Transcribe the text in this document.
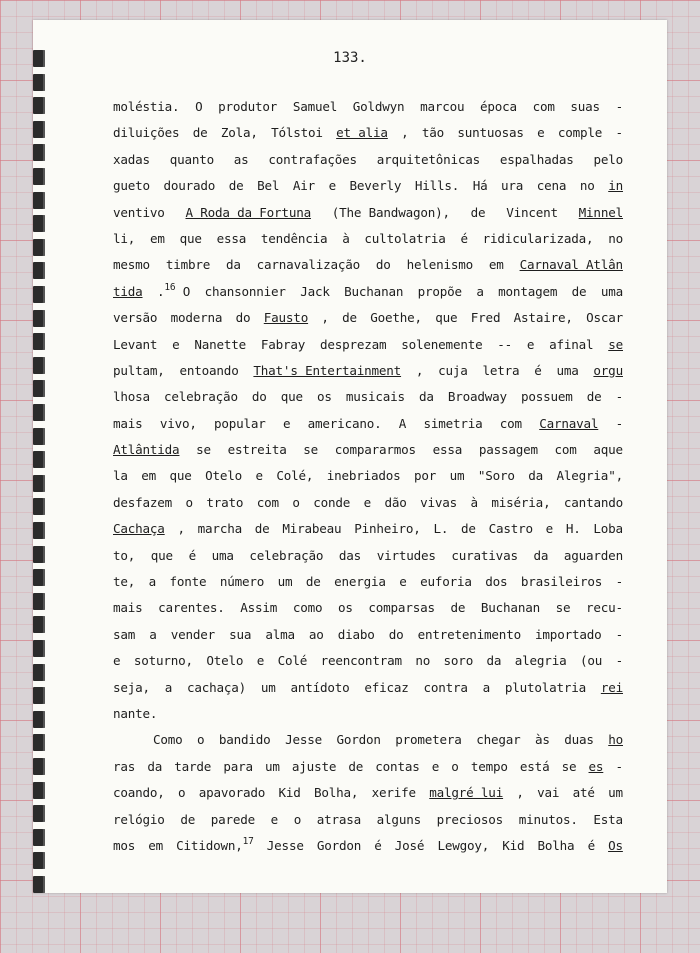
133.
moléstia. O produtor Samuel Goldwyn marcou época com suas -
diluições de Zola, Tólstoi et alia , tão suntuosas e comple -
xadas quanto as contrafações arquitetônicas espalhadas pelo
gueto dourado de Bel Air e Beverly Hills. Há ura cena no in
ventivo A Roda da Fortuna (The Bandwagon), de Vincent Minnel
li, em que essa tendência à cultolatria é ridicularizada, no
mesmo timbre da carnavalização do helenismo em Carnaval Atlân
tida .$^{16}$ O chansonnier Jack Buchanan propõe a montagem de uma
versão moderna do Fausto , de Goethe, que Fred Astaire, Oscar
Levant e Nanette Fabray desprezam solenemente -- e afinal se
pultam, entoando That's Entertainment , cuja letra é uma orgu
lhosa celebração do que os musicais da Broadway possuem de -
mais vivo, popular e americano. A simetria com Carnaval -
Atlântida se estreita se compararmos essa passagem com aque
la em que Otelo e Colé, inebriados por um "Soro da Alegria",
desfazem o trato com o conde e dão vivas à miséria, cantando
Cachaça , marcha de Mirabeau Pinheiro, L. de Castro e H. Loba
to, que é uma celebração das virtudes curativas da aguarden
te, a fonte número um de energia e euforia dos brasileiros -
mais carentes. Assim como os comparsas de Buchanan se recu-
sam a vender sua alma ao diabo do entretenimento importado -
e soturno, Otelo e Colé reencontram no soro da alegria (ou -
seja, a cachaça) um antídoto eficaz contra a plutolatria rei
nante.
Como o bandido Jesse Gordon prometera chegar às duas ho
ras da tarde para um ajuste de contas e o tempo está se es -
coando, o apavorado Kid Bolha, xerife malgré lui , vai até um
relógio de parede e o atrasa alguns preciosos minutos. Esta
mos em Citidown,$^{17}$ Jesse Gordon é José Lewgoy, Kid Bolha é Os
